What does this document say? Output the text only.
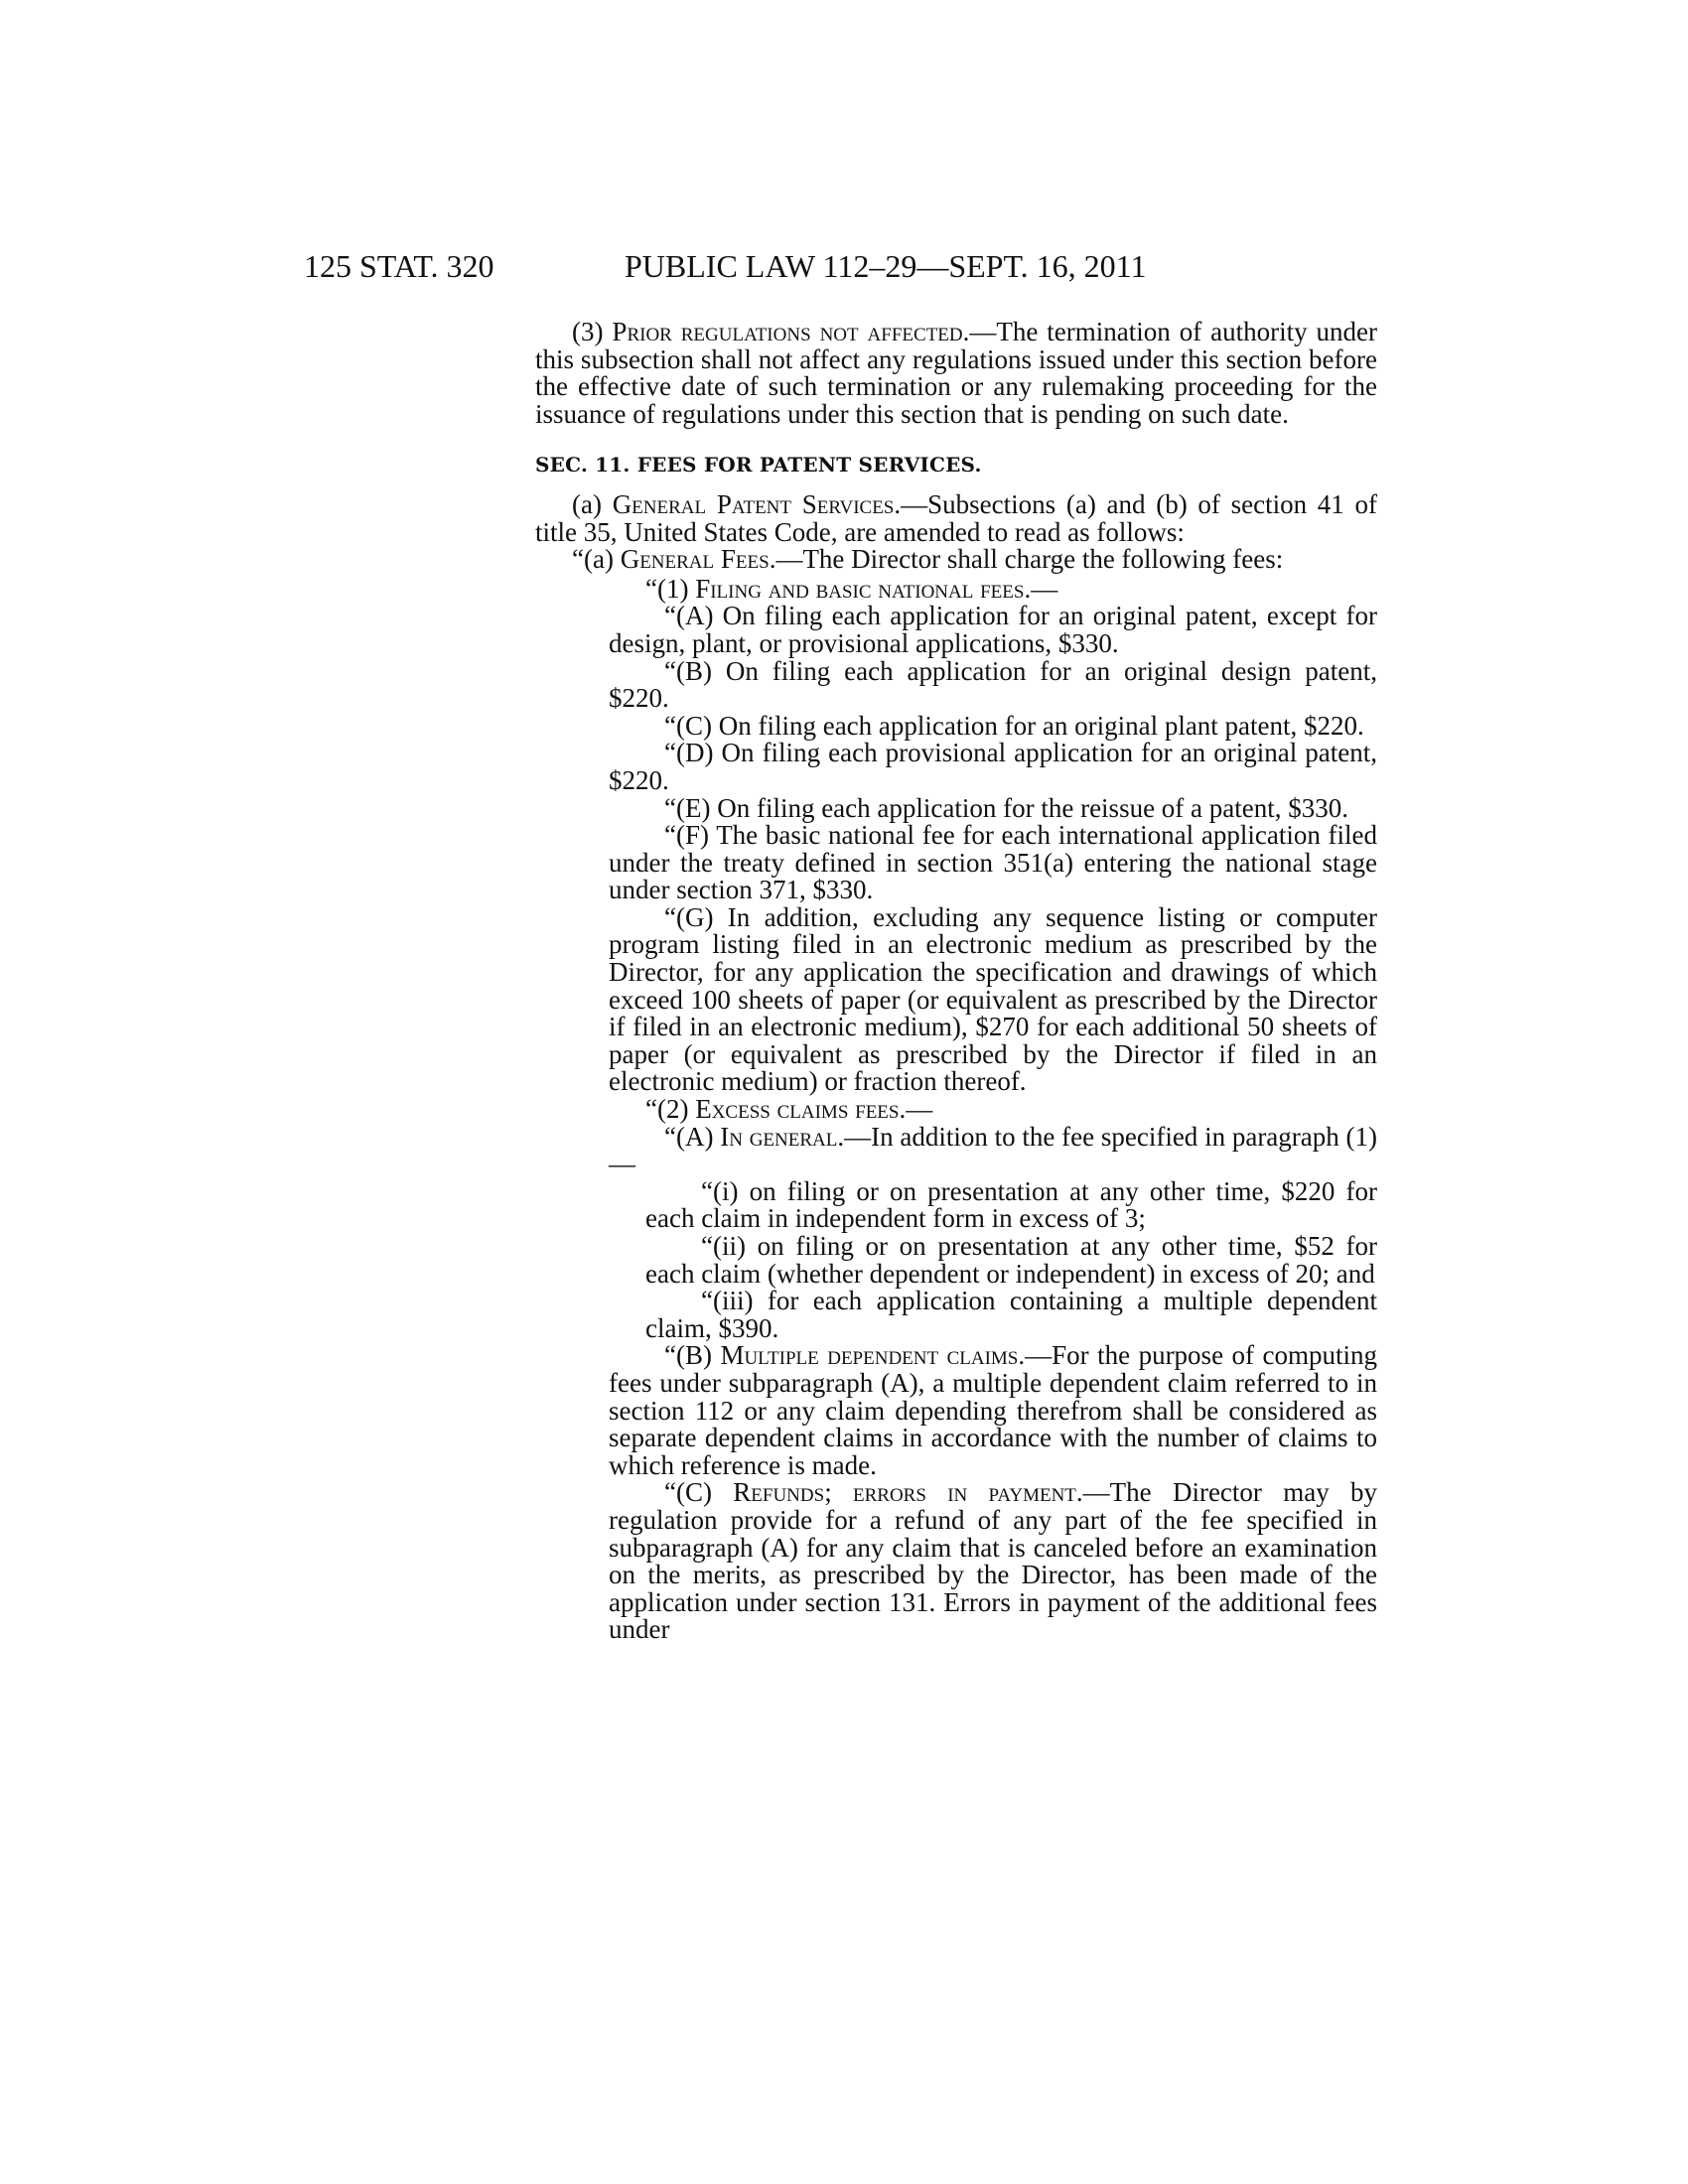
125 STAT. 320	PUBLIC LAW 112–29—SEPT. 16, 2011

(3) Prior regulations not affected.—The termination of authority under this subsection shall not affect any regulations issued under this section before the effective date of such termination or any rulemaking proceeding for the issuance of regulations under this section that is pending on such date.

SEC. 11. FEES FOR PATENT SERVICES.

(a) General Patent Services.—Subsections (a) and (b) of section 41 of title 35, United States Code, are amended to read as follows:

“(a) General Fees.—The Director shall charge the following fees:

“(1) Filing and basic national fees.—

“(A) On filing each application for an original patent, except for design, plant, or provisional applications, $330.

“(B) On filing each application for an original design patent, $220.

“(C) On filing each application for an original plant patent, $220.

“(D) On filing each provisional application for an original patent, $220.

“(E) On filing each application for the reissue of a patent, $330.

“(F) The basic national fee for each international application filed under the treaty defined in section 351(a) entering the national stage under section 371, $330.

“(G) In addition, excluding any sequence listing or computer program listing filed in an electronic medium as prescribed by the Director, for any application the specification and drawings of which exceed 100 sheets of paper (or equivalent as prescribed by the Director if filed in an electronic medium), $270 for each additional 50 sheets of paper (or equivalent as prescribed by the Director if filed in an electronic medium) or fraction thereof.

“(2) Excess claims fees.—

“(A) In general.—In addition to the fee specified in paragraph (1)—

“(i) on filing or on presentation at any other time, $220 for each claim in independent form in excess of 3;

“(ii) on filing or on presentation at any other time, $52 for each claim (whether dependent or independent) in excess of 20; and

“(iii) for each application containing a multiple dependent claim, $390.

“(B) Multiple dependent claims.—For the purpose of computing fees under subparagraph (A), a multiple dependent claim referred to in section 112 or any claim depending therefrom shall be considered as separate dependent claims in accordance with the number of claims to which reference is made.

“(C) Refunds; errors in payment.—The Director may by regulation provide for a refund of any part of the fee specified in subparagraph (A) for any claim that is canceled before an examination on the merits, as prescribed by the Director, has been made of the application under section 131. Errors in payment of the additional fees under
